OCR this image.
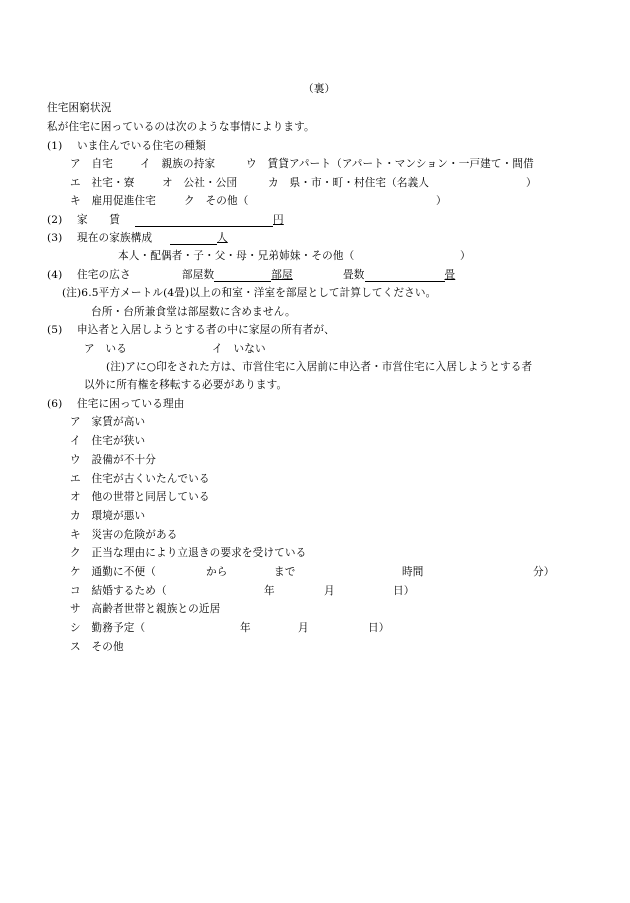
（裏）
住宅困窮状況
私が住宅に困っているのは次のような事情によります。
(1) いま住んでいる住宅の種類
ア　自宅	イ　親族の持家	ウ　賃貸アパート（アパート・マンション・一戸建て・間借
エ　社宅・寮	オ　公社・公団	カ　県・市・町・村住宅（名義人	）
キ　雇用促進住宅	ク　その他（	）
(2) 家　　賃	円
(3) 現在の家族構成	人
本人・配偶者・子・父・母・兄弟姉妹・その他（	）
(4) 住宅の広さ	部屋数	部屋	畳数	畳
(注)6.5平方メートル(4畳)以上の和室・洋室を部屋として計算してください。
台所・台所兼食堂は部屋数に含めません。
(5) 申込者と入居しようとする者の中に家屋の所有者が、
ア　いる	イ　いない
(注)アに○印をされた方は、市営住宅に入居前に申込者・市営住宅に入居しようとする者
以外に所有権を移転する必要があります。
(6) 住宅に困っている理由
ア　家賃が高い
イ　住宅が狭い
ウ　設備が不十分
エ　住宅が古くいたんでいる
オ　他の世帯と同居している
カ　環境が悪い
キ　災害の危険がある
ク　正当な理由により立退きの要求を受けている
ケ　通勤に不便（	から	まで	時間	分）
コ　結婚するため（	年	月	日）
サ　高齢者世帯と親族との近居
シ　勤務予定（	年	月	日）
ス　その他
